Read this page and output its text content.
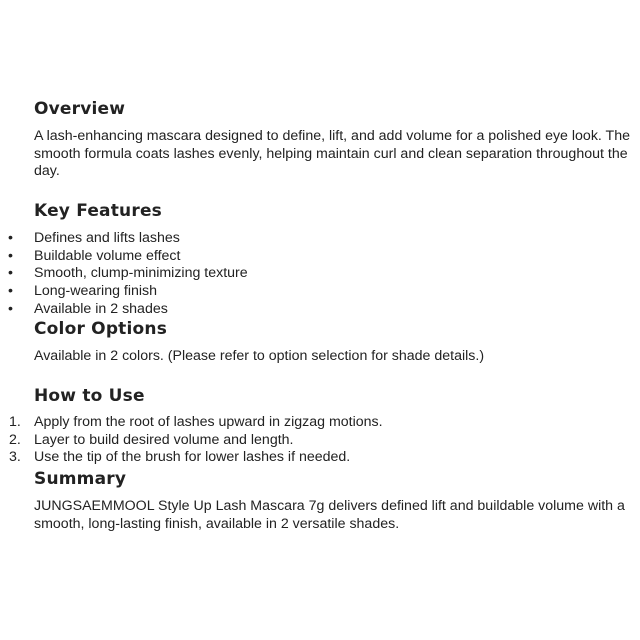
Overview

A lash-enhancing mascara designed to define, lift, and add volume for a polished eye look. The smooth formula coats lashes evenly, helping maintain curl and clean separation throughout the day.

Key Features
• Defines and lifts lashes
• Buildable volume effect
• Smooth, clump-minimizing texture
• Long-wearing finish
• Available in 2 shades
Color Options

Available in 2 colors. (Please refer to option selection for shade details.)

How to Use
1. Apply from the root of lashes upward in zigzag motions.
2. Layer to build desired volume and length.
3. Use the tip of the brush for lower lashes if needed.
Summary

JUNGSAEMMOOL Style Up Lash Mascara 7g delivers defined lift and buildable volume with a smooth, long-lasting finish, available in 2 versatile shades.
